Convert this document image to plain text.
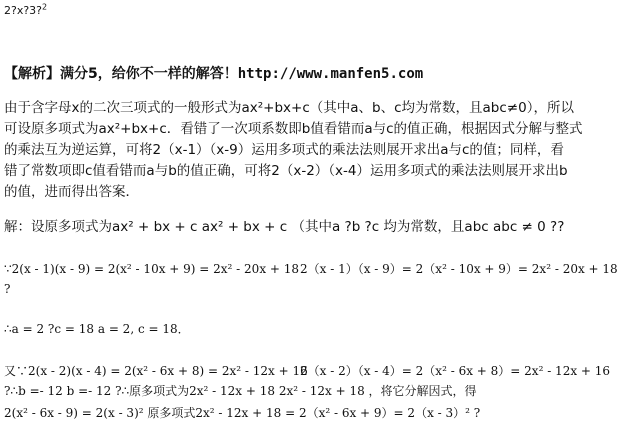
2?x?3?$^2$
【解析】满分5，给你不一样的解答！http://www.manfen5.com
由于含字母x的二次三项式的一般形式为ax²+bx+c（其中a、b、c均为常数，且abc≠0），所以
可设原多项式为ax²+bx+c．看错了一次项系数即b值看错而a与c的值正确，根据因式分解与整式
的乘法互为逆运算，可将2（x-1）（x-9）运用多项式的乘法法则展开求出a与c的值；同样，看
错了常数项即c值看错而a与b的值正确，可将2（x-2）（x-4）运用多项式的乘法法则展开求出b
的值，进而得出答案．
解：设原多项式为ax² + bx + c ax² + bx + c （其中a ?b ?c 均为常数，且abc abc ≠ 0 ??
∵2(x - 1)(x - 9) = 2(x² - 10x + 9) = 2x² - 20x + 18 2（x - 1）（x - 9）= 2（x² - 10x + 9）= 2x² - 20x + 18
?
∴a = 2 ?c = 18 a = 2, c = 18．
又∵2(x - 2)(x - 4) = 2(x² - 6x + 8) = 2x² - 12x + 16
2（x - 2）（x - 4）= 2（x² - 6x + 8）= 2x² - 12x + 16
?∴b =- 12 b =- 12 ?∴原多项式为2x² - 12x + 18 2x² - 12x + 18 ，将它分解因式，得
2(x² - 6x - 9) = 2(x - 3)² 原多项式2x² - 12x + 18 = 2（x² - 6x + 9）= 2（x - 3）² ?
